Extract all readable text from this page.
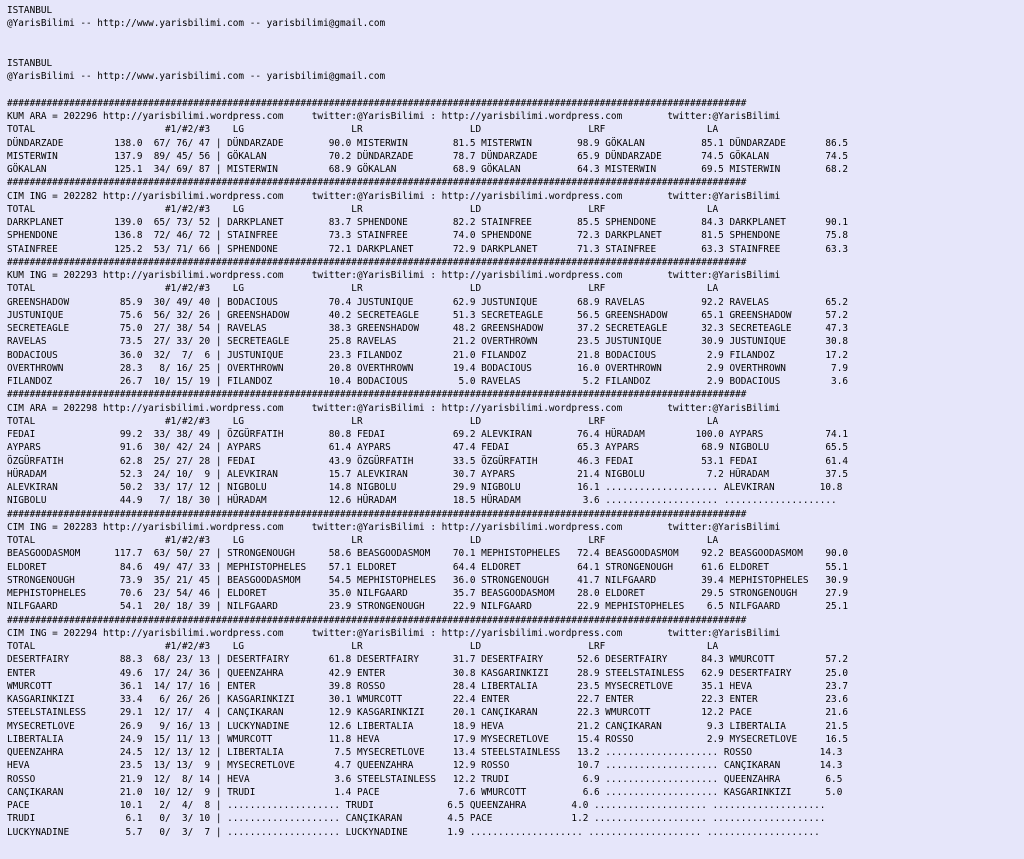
ISTANBUL
@YarisBilimi -- http://www.yarisbilimi.com -- yarisbilimi@gmail.com
ISTANBUL
@YarisBilimi -- http://www.yarisbilimi.com -- yarisbilimi@gmail.com
###################################################################################################################################
KUM ARA = 202296 http://yarisbilimi.wordpress.com     twitter:@YarisBilimi : http://yarisbilimi.wordpress.com        twitter:@YarisBilimi
TOTAL                       #1/#2/#3    LG                   LR                   LD                   LRF                  LA
DÜNDARZADE         138.0  67/ 76/ 47 | DÜNDARZADE        90.0 MISTERWIN        81.5 MISTERWIN        98.9 GÖKALAN          85.1 DÜNDARZADE       86.5
MISTERWIN          137.9  89/ 45/ 56 | GÖKALAN           70.2 DÜNDARZADE       78.7 DÜNDARZADE       65.9 DÜNDARZADE       74.5 GÖKALAN          74.5
GÖKALAN            125.1  34/ 69/ 87 | MISTERWIN         68.9 GÖKALAN          68.9 GÖKALAN          64.3 MISTERWIN        69.5 MISTERWIN        68.2
###################################################################################################################################
CIM ING = 202282 http://yarisbilimi.wordpress.com     twitter:@YarisBilimi : http://yarisbilimi.wordpress.com        twitter:@YarisBilimi
TOTAL                       #1/#2/#3    LG                   LR                   LD                   LRF                  LA
DARKPLANET         139.0  65/ 73/ 52 | DARKPLANET        83.7 SPHENDONE        82.2 STAINFREE        85.5 SPHENDONE        84.3 DARKPLANET       90.1
SPHENDONE          136.8  72/ 46/ 72 | STAINFREE         73.3 STAINFREE        74.0 SPHENDONE        72.3 DARKPLANET       81.5 SPHENDONE        75.8
STAINFREE          125.2  53/ 71/ 66 | SPHENDONE         72.1 DARKPLANET       72.9 DARKPLANET       71.3 STAINFREE        63.3 STAINFREE        63.3
###################################################################################################################################
KUM ING = 202293 http://yarisbilimi.wordpress.com     twitter:@YarisBilimi : http://yarisbilimi.wordpress.com        twitter:@YarisBilimi
TOTAL                       #1/#2/#3    LG                   LR                   LD                   LRF                  LA
GREENSHADOW         85.9  30/ 49/ 40 | BODACIOUS         70.4 JUSTUNIQUE       62.9 JUSTUNIQUE       68.9 RAVELAS          92.2 RAVELAS          65.2
JUSTUNIQUE          75.6  56/ 32/ 26 | GREENSHADOW       40.2 SECRETEAGLE      51.3 SECRETEAGLE      56.5 GREENSHADOW      65.1 GREENSHADOW      57.2
SECRETEAGLE         75.0  27/ 38/ 54 | RAVELAS           38.3 GREENSHADOW      48.2 GREENSHADOW      37.2 SECRETEAGLE      32.3 SECRETEAGLE      47.3
RAVELAS             73.5  27/ 33/ 20 | SECRETEAGLE       25.8 RAVELAS          21.2 OVERTHROWN       23.5 JUSTUNIQUE       30.9 JUSTUNIQUE       30.8
BODACIOUS           36.0  32/  7/  6 | JUSTUNIQUE        23.3 FILANDOZ         21.0 FILANDOZ         21.8 BODACIOUS         2.9 FILANDOZ         17.2
OVERTHROWN          28.3   8/ 16/ 25 | OVERTHROWN        20.8 OVERTHROWN       19.4 BODACIOUS        16.0 OVERTHROWN        2.9 OVERTHROWN        7.9
FILANDOZ            26.7  10/ 15/ 19 | FILANDOZ          10.4 BODACIOUS         5.0 RAVELAS           5.2 FILANDOZ          2.9 BODACIOUS         3.6
###################################################################################################################################
CIM ARA = 202298 http://yarisbilimi.wordpress.com     twitter:@YarisBilimi : http://yarisbilimi.wordpress.com        twitter:@YarisBilimi
TOTAL                       #1/#2/#3    LG                   LR                   LD                   LRF                  LA
FEDAI               99.2  33/ 38/ 49 | ÖZGÜRFATIH        80.8 FEDAI            69.2 ALEVKIRAN        76.4 HÜRADAM         100.0 AYPARS           74.1
AYPARS              91.6  30/ 42/ 24 | AYPARS            61.4 AYPARS           47.4 FEDAI            65.3 AYPARS           68.9 NIGBOLU          65.5
ÖZGÜRFATIH          62.8  25/ 27/ 28 | FEDAI             43.9 ÖZGÜRFATIH       33.5 ÖZGÜRFATIH       46.3 FEDAI            53.1 FEDAI            61.4
HÜRADAM             52.3  24/ 10/  9 | ALEVKIRAN         15.7 ALEVKIRAN        30.7 AYPARS           21.4 NIGBOLU           7.2 HÜRADAM          37.5
ALEVKIRAN           50.2  33/ 17/ 12 | NIGBOLU           14.8 NIGBOLU          29.9 NIGBOLU          16.1 .................... ALEVKIRAN        10.8
NIGBOLU             44.9   7/ 18/ 30 | HÜRADAM           12.6 HÜRADAM          18.5 HÜRADAM           3.6 .................... ....................
###################################################################################################################################
CIM ING = 202283 http://yarisbilimi.wordpress.com     twitter:@YarisBilimi : http://yarisbilimi.wordpress.com        twitter:@YarisBilimi
TOTAL                       #1/#2/#3    LG                   LR                   LD                   LRF                  LA
BEASGOODASMOM      117.7  63/ 50/ 27 | STRONGENOUGH      58.6 BEASGOODASMOM    70.1 MEPHISTOPHELES   72.4 BEASGOODASMOM    92.2 BEASGOODASMOM    90.0
ELDORET             84.6  49/ 47/ 33 | MEPHISTOPHELES    57.1 ELDORET          64.4 ELDORET          64.1 STRONGENOUGH     61.6 ELDORET          55.1
STRONGENOUGH        73.9  35/ 21/ 45 | BEASGOODASMOM     54.5 MEPHISTOPHELES   36.0 STRONGENOUGH     41.7 NILFGAARD        39.4 MEPHISTOPHELES   30.9
MEPHISTOPHELES      70.6  23/ 54/ 46 | ELDORET           35.0 NILFGAARD        35.7 BEASGOODASMOM    28.0 ELDORET          29.5 STRONGENOUGH     27.9
NILFGAARD           54.1  20/ 18/ 39 | NILFGAARD         23.9 STRONGENOUGH     22.9 NILFGAARD        22.9 MEPHISTOPHELES    6.5 NILFGAARD        25.1
###################################################################################################################################
CIM ING = 202294 http://yarisbilimi.wordpress.com     twitter:@YarisBilimi : http://yarisbilimi.wordpress.com        twitter:@YarisBilimi
TOTAL                       #1/#2/#3    LG                   LR                   LD                   LRF                  LA
DESERTFAIRY         88.3  68/ 23/ 13 | DESERTFAIRY       61.8 DESERTFAIRY      31.7 DESERTFAIRY      52.6 DESERTFAIRY      84.3 WMURCOTT         57.2
ENTER               49.6  17/ 24/ 36 | QUEENZAHRA        42.9 ENTER            30.8 KASGARINKIZI     28.9 STEELSTAINLESS   62.9 DESERTFAIRY      25.0
WMURCOTT            36.1  14/ 17/ 16 | ENTER             39.8 ROSSO            28.4 LIBERTALIA       23.5 MYSECRETLOVE     35.1 HEVA             23.7
KASGARINKIZI        33.4   6/ 26/ 26 | KASGARINKIZI      30.1 WMURCOTT         22.4 ENTER            22.7 ENTER            22.3 ENTER            23.6
STEELSTAINLESS      29.1  12/ 17/  4 | CANÇIKARAN        12.9 KASGARINKIZI     20.1 CANÇIKARAN       22.3 WMURCOTT         12.2 PACE             21.6
MYSECRETLOVE        26.9   9/ 16/ 13 | LUCKYNADINE       12.6 LIBERTALIA       18.9 HEVA             21.2 CANÇIKARAN        9.3 LIBERTALIA       21.5
LIBERTALIA          24.9  15/ 11/ 13 | WMURCOTT          11.8 HEVA             17.9 MYSECRETLOVE     15.4 ROSSO             2.9 MYSECRETLOVE     16.5
QUEENZAHRA          24.5  12/ 13/ 12 | LIBERTALIA         7.5 MYSECRETLOVE     13.4 STEELSTAINLESS   13.2 .................... ROSSO            14.3
HEVA                23.5  13/ 13/  9 | MYSECRETLOVE       4.7 QUEENZAHRA       12.9 ROSSO            10.7 .................... CANÇIKARAN       14.3
ROSSO               21.9  12/  8/ 14 | HEVA               3.6 STEELSTAINLESS   12.2 TRUDI             6.9 .................... QUEENZAHRA        6.5
CANÇIKARAN          21.0  10/ 12/  9 | TRUDI              1.4 PACE              7.6 WMURCOTT          6.6 .................... KASGARINKIZI      5.0
PACE                10.1   2/  4/  8 | .................... TRUDI             6.5 QUEENZAHRA        4.0 .................... ....................
TRUDI                6.1   0/  3/ 10 | .................... CANÇIKARAN        4.5 PACE              1.2 .................... ....................
LUCKYNADINE          5.7   0/  3/  7 | .................... LUCKYNADINE       1.9 .................... .................... ....................
